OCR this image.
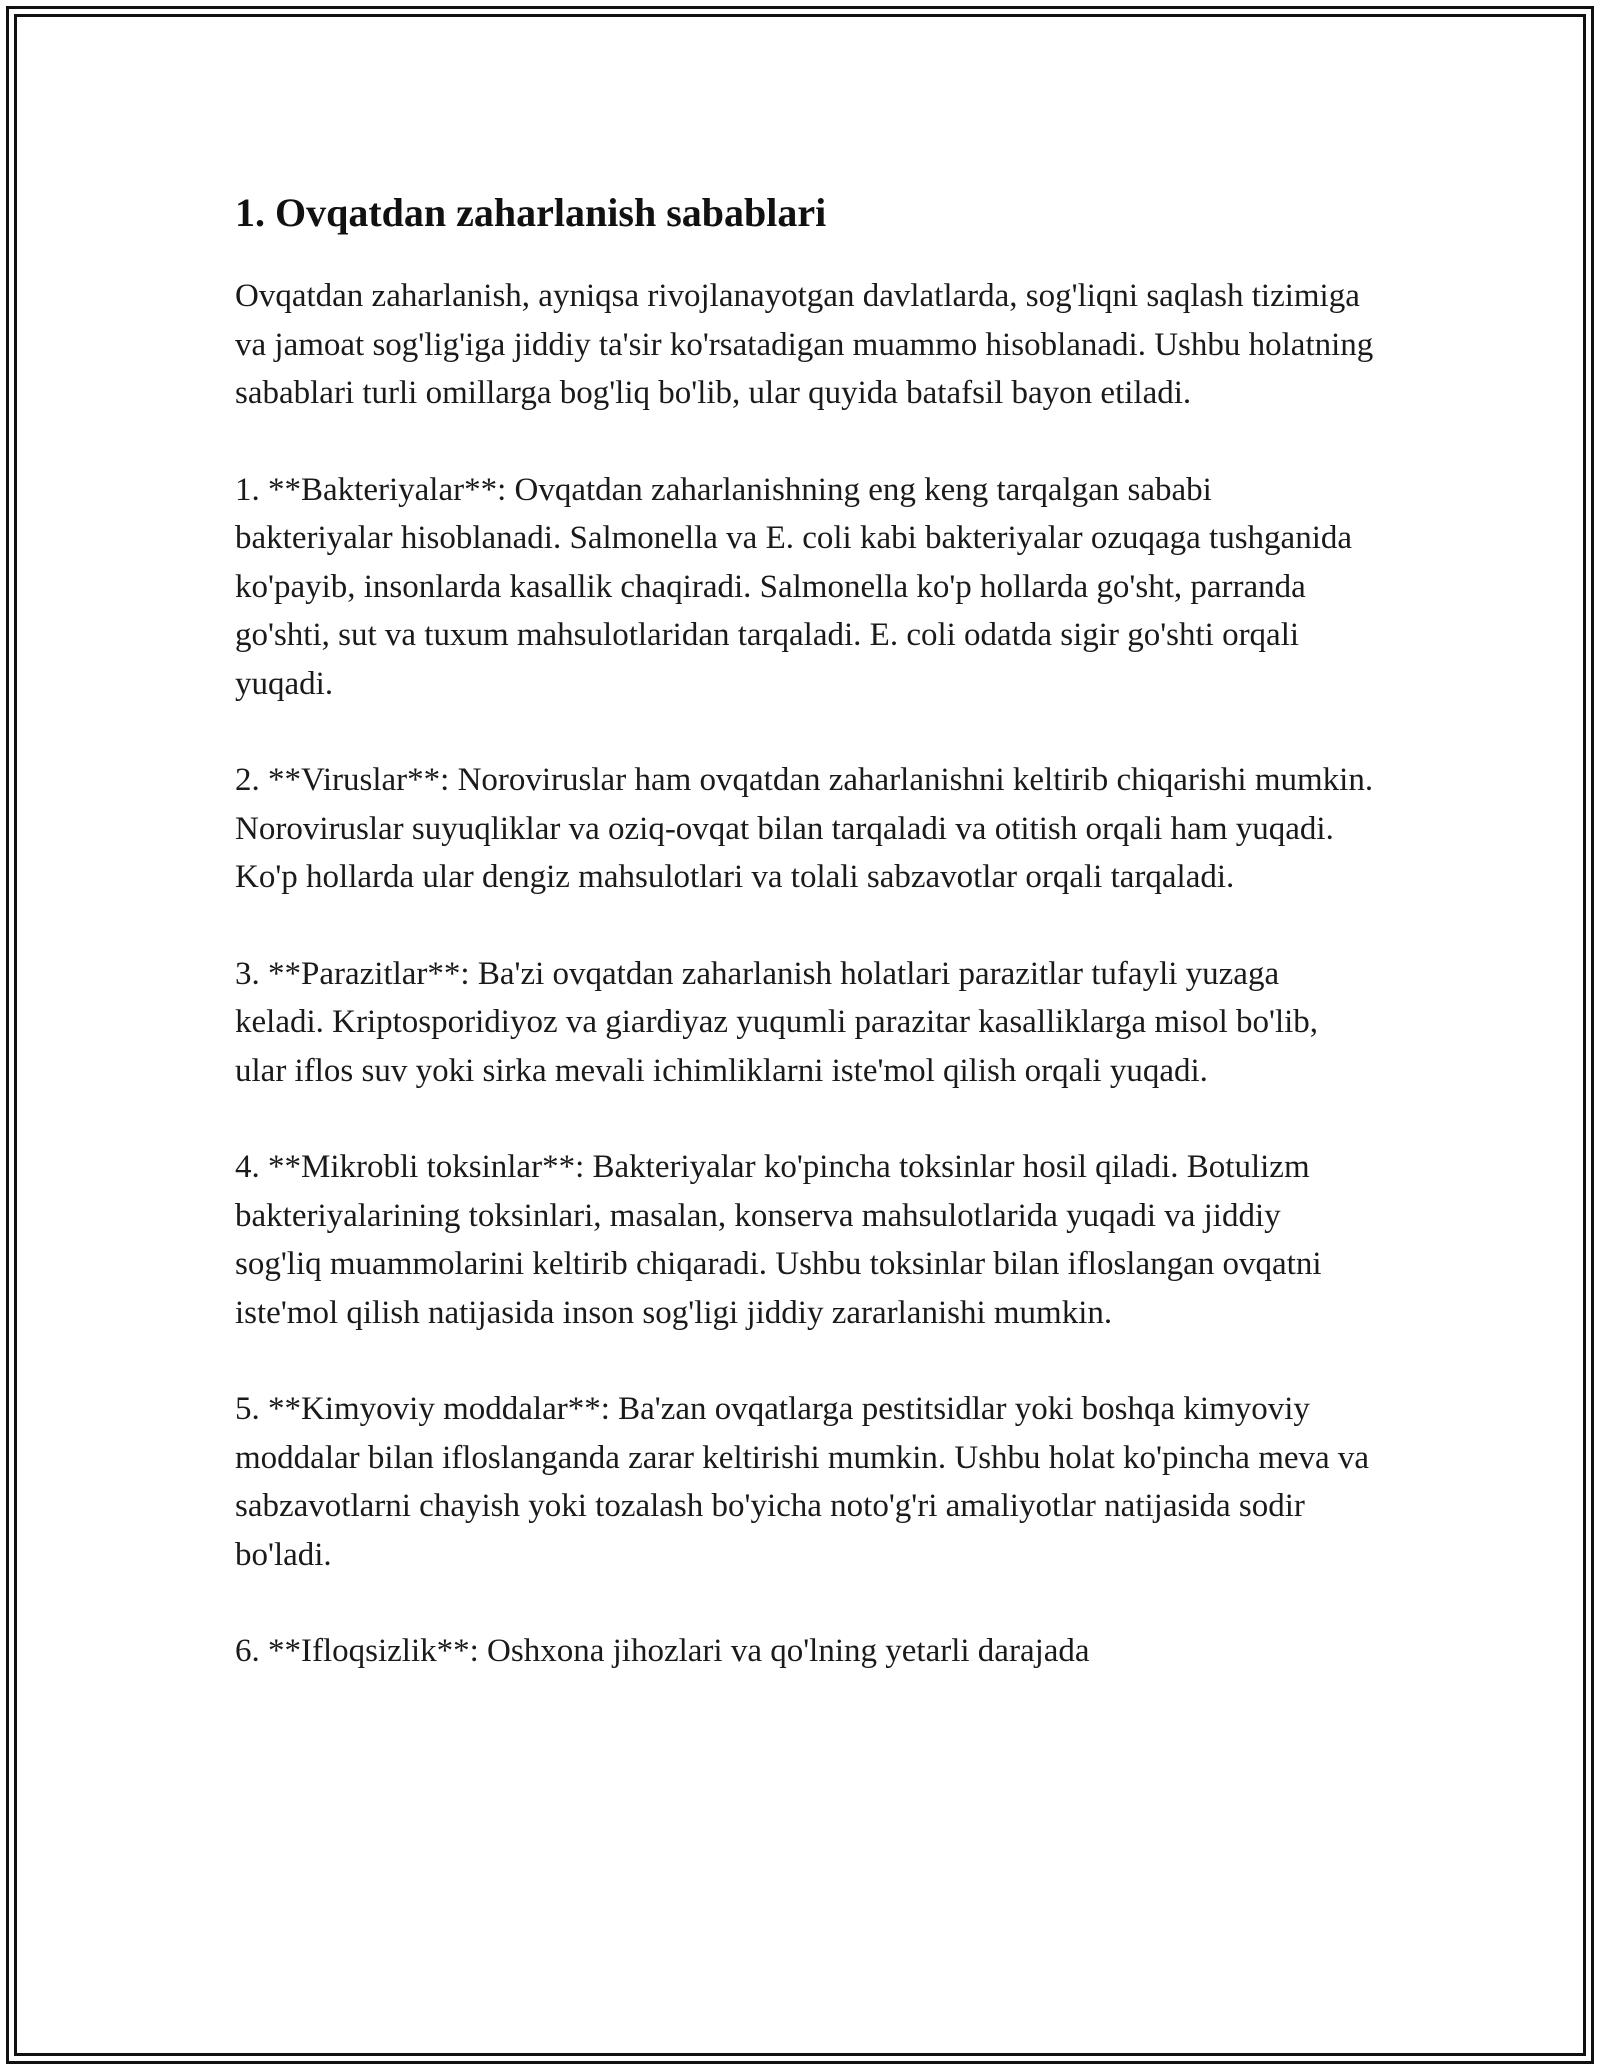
1. Ovqatdan zaharlanish sabablari

Ovqatdan zaharlanish, ayniqsa rivojlanayotgan davlatlarda, sog'liqni saqlash tizimiga va jamoat sog'lig'iga jiddiy ta'sir ko'rsatadigan muammo hisoblanadi. Ushbu holatning sabablari turli omillarga bog'liq bo'lib, ular quyida batafsil bayon etiladi.

1. **Bakteriyalar**: Ovqatdan zaharlanishning eng keng tarqalgan sababi bakteriyalar hisoblanadi. Salmonella va E. coli kabi bakteriyalar ozuqaga tushganida ko'payib, insonlarda kasallik chaqiradi. Salmonella ko'p hollarda go'sht, parranda go'shti, sut va tuxum mahsulotlaridan tarqaladi. E. coli odatda sigir go'shti orqali yuqadi.

2. **Viruslar**: Noroviruslar ham ovqatdan zaharlanishni keltirib chiqarishi mumkin. Noroviruslar suyuqliklar va oziq-ovqat bilan tarqaladi va otitish orqali ham yuqadi. Ko'p hollarda ular dengiz mahsulotlari va tolali sabzavotlar orqali tarqaladi.

3. **Parazitlar**: Ba'zi ovqatdan zaharlanish holatlari parazitlar tufayli yuzaga keladi. Kriptosporidiyoz va giardiyaz yuqumli parazitar kasalliklarga misol bo'lib, ular iflos suv yoki sirka mevali ichimliklarni iste'mol qilish orqali yuqadi.

4. **Mikrobli toksinlar**: Bakteriyalar ko'pincha toksinlar hosil qiladi. Botulizm bakteriyalarining toksinlari, masalan, konserva mahsulotlarida yuqadi va jiddiy sog'liq muammolarini keltirib chiqaradi. Ushbu toksinlar bilan ifloslangan ovqatni iste'mol qilish natijasida inson sog'ligi jiddiy zararlanishi mumkin.

5. **Kimyoviy moddalar**: Ba'zan ovqatlarga pestitsidlar yoki boshqa kimyoviy moddalar bilan ifloslanganda zarar keltirishi mumkin. Ushbu holat ko'pincha meva va sabzavotlarni chayish yoki tozalash bo'yicha noto'g'ri amaliyotlar natijasida sodir bo'ladi.

6. **Ifloqsizlik**: Oshxona jihozlari va qo'lning yetarli darajada
